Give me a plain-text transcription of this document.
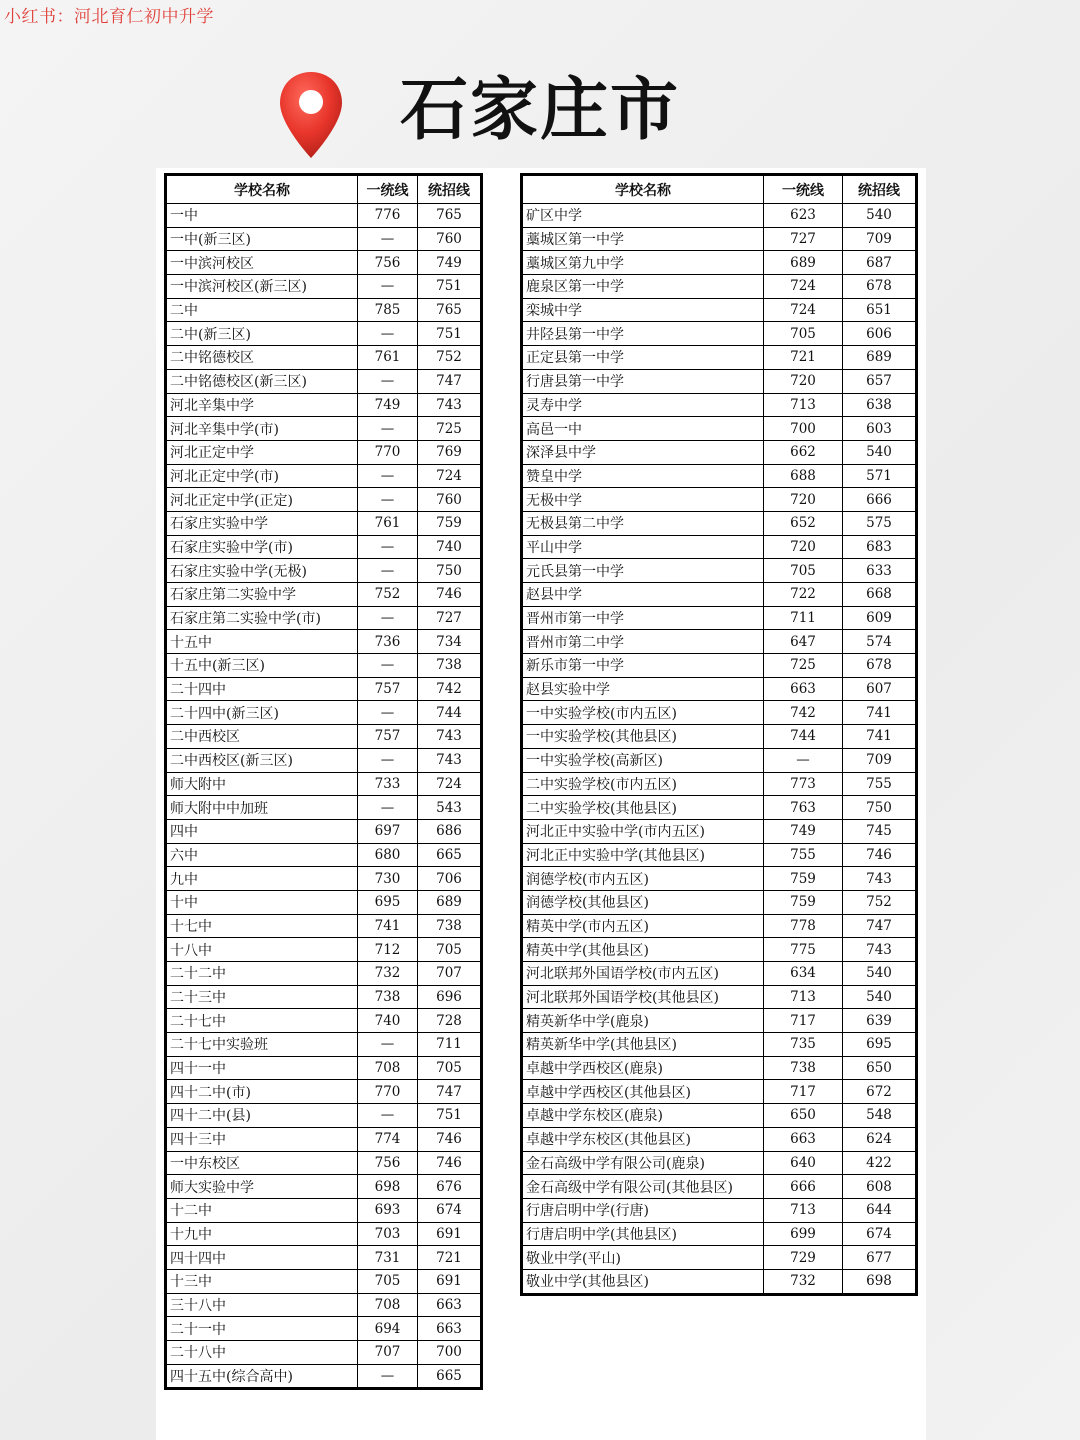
小红书：河北育仁初中升学
石家庄市
学校名称	一统线	统招线
一中	776	765
一中(新三区)	—	760
一中滨河校区	756	749
一中滨河校区(新三区)	—	751
二中	785	765
二中(新三区)	—	751
二中铭德校区	761	752
二中铭德校区(新三区)	—	747
河北辛集中学	749	743
河北辛集中学(市)	—	725
河北正定中学	770	769
河北正定中学(市)	—	724
河北正定中学(正定)	—	760
石家庄实验中学	761	759
石家庄实验中学(市)	—	740
石家庄实验中学(无极)	—	750
石家庄第二实验中学	752	746
石家庄第二实验中学(市)	—	727
十五中	736	734
十五中(新三区)	—	738
二十四中	757	742
二十四中(新三区)	—	744
二中西校区	757	743
二中西校区(新三区)	—	743
师大附中	733	724
师大附中中加班	—	543
四中	697	686
六中	680	665
九中	730	706
十中	695	689
十七中	741	738
十八中	712	705
二十二中	732	707
二十三中	738	696
二十七中	740	728
二十七中实验班	—	711
四十一中	708	705
四十二中(市)	770	747
四十二中(县)	—	751
四十三中	774	746
一中东校区	756	746
师大实验中学	698	676
十二中	693	674
十九中	703	691
四十四中	731	721
十三中	705	691
三十八中	708	663
二十一中	694	663
二十八中	707	700
四十五中(综合高中)	—	665
学校名称	一统线	统招线
矿区中学	623	540
藁城区第一中学	727	709
藁城区第九中学	689	687
鹿泉区第一中学	724	678
栾城中学	724	651
井陉县第一中学	705	606
正定县第一中学	721	689
行唐县第一中学	720	657
灵寿中学	713	638
高邑一中	700	603
深泽县中学	662	540
赞皇中学	688	571
无极中学	720	666
无极县第二中学	652	575
平山中学	720	683
元氏县第一中学	705	633
赵县中学	722	668
晋州市第一中学	711	609
晋州市第二中学	647	574
新乐市第一中学	725	678
赵县实验中学	663	607
一中实验学校(市内五区)	742	741
一中实验学校(其他县区)	744	741
一中实验学校(高新区)	—	709
二中实验学校(市内五区)	773	755
二中实验学校(其他县区)	763	750
河北正中实验中学(市内五区)	749	745
河北正中实验中学(其他县区)	755	746
润德学校(市内五区)	759	743
润德学校(其他县区)	759	752
精英中学(市内五区)	778	747
精英中学(其他县区)	775	743
河北联邦外国语学校(市内五区)	634	540
河北联邦外国语学校(其他县区)	713	540
精英新华中学(鹿泉)	717	639
精英新华中学(其他县区)	735	695
卓越中学西校区(鹿泉)	738	650
卓越中学西校区(其他县区)	717	672
卓越中学东校区(鹿泉)	650	548
卓越中学东校区(其他县区)	663	624
金石高级中学有限公司(鹿泉)	640	422
金石高级中学有限公司(其他县区)	666	608
行唐启明中学(行唐)	713	644
行唐启明中学(其他县区)	699	674
敬业中学(平山)	729	677
敬业中学(其他县区)	732	698
